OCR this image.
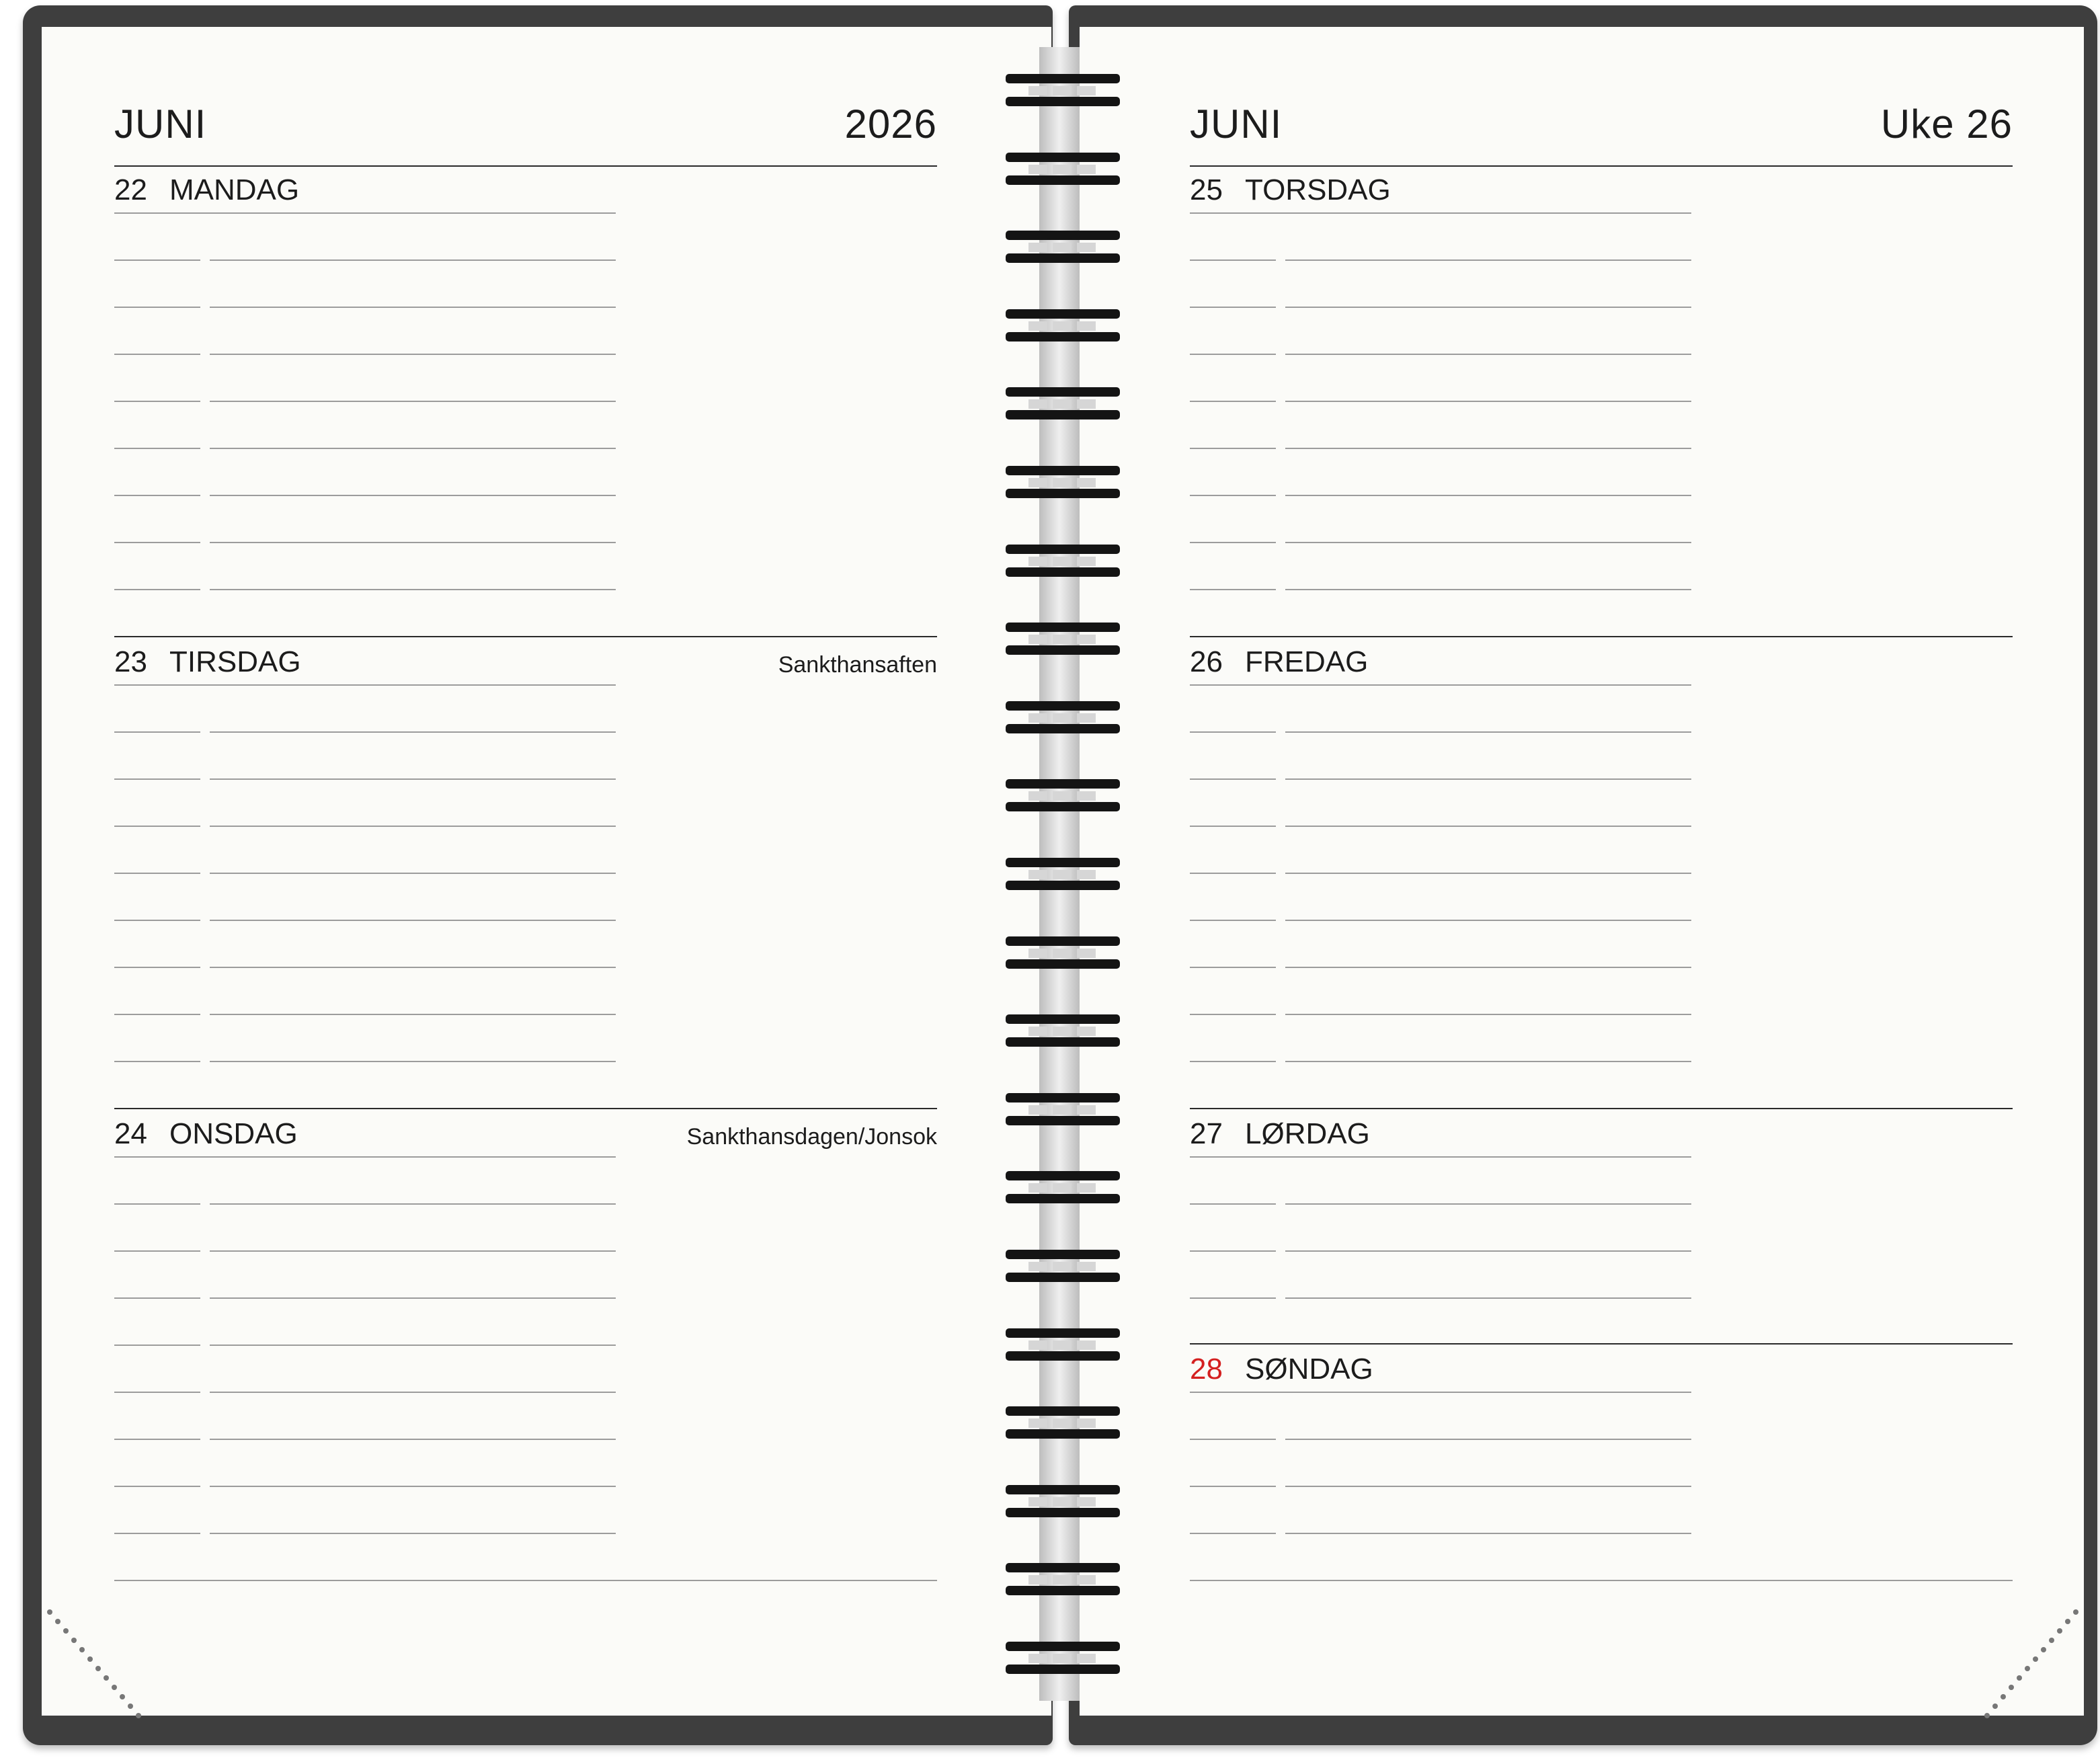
JUNI	2026	JUNI	Uke 26
22 MANDAG
23 TIRSDAG	Sankthansaften
24 ONSDAG	Sankthansdagen/Jonsok
25 TORSDAG
26 FREDAG
27 LØRDAG
28 SØNDAG
